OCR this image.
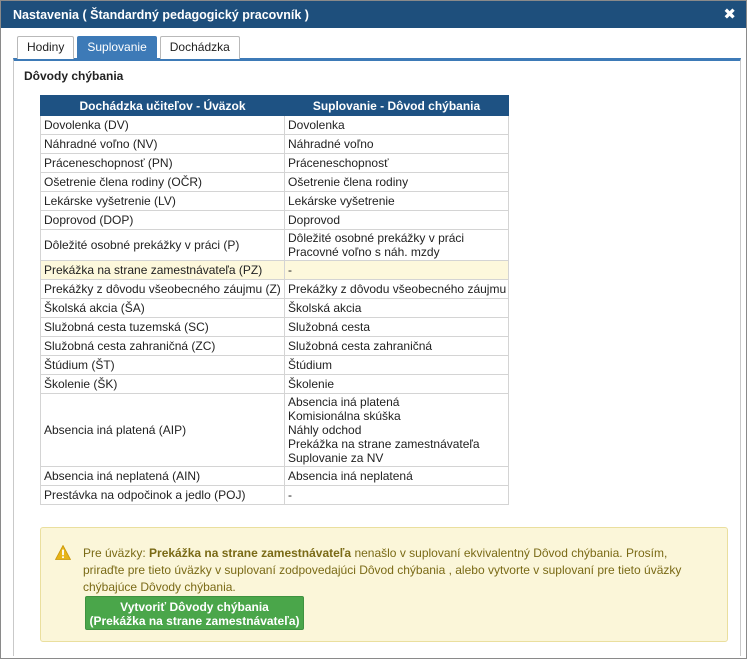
Nastavenia ( Štandardný pedagogický pracovník )	✖
Hodiny	Suplovanie	Dochádzka
Dôvody chýbania
Dochádzka učiteľov - Úväzok	Suplovanie - Dôvod chýbania
Dovolenka (DV)	Dovolenka

Náhradné voľno (NV)	Náhradné voľno

Práceneschopnosť (PN)	Práceneschopnosť

Ošetrenie člena rodiny (OČR)	Ošetrenie člena rodiny

Lekárske vyšetrenie (LV)	Lekárske vyšetrenie

Doprovod (DOP)	Doprovod

Dôležité osobné prekážky v práci (P)	Dôležité osobné prekážky v práci
Pracovné voľno s náh. mzdy

Prekážka na strane zamestnávateľa (PZ)	-

Prekážky z dôvodu všeobecného záujmu (Z)	Prekážky z dôvodu všeobecného záujmu

Školská akcia (ŠA)	Školská akcia

Služobná cesta tuzemská (SC)	Služobná cesta

Služobná cesta zahraničná (ZC)	Služobná cesta zahraničná

Štúdium (ŠT)	Štúdium

Školenie (ŠK)	Školenie

Absencia iná platená (AIP)	Absencia iná platená
Komisionálna skúška
Náhly odchod
Prekážka na strane zamestnávateľa
Suplovanie za NV

Absencia iná neplatená (AIN)	Absencia iná neplatená

Prestávka na odpočinok a jedlo (POJ)	-
Pre úväzky: Prekážka na strane zamestnávateľa nenašlo v suplovaní ekvivalentný Dôvod chýbania. Prosím, priraďte pre tieto úväzky v suplovaní zodpovedajúci Dôvod chýbania , alebo vytvorte v suplovaní pre tieto úväzky chýbajúce Dôvody chýbania.
Vytvoriť Dôvody chýbania
(Prekážka na strane zamestnávateľa)
